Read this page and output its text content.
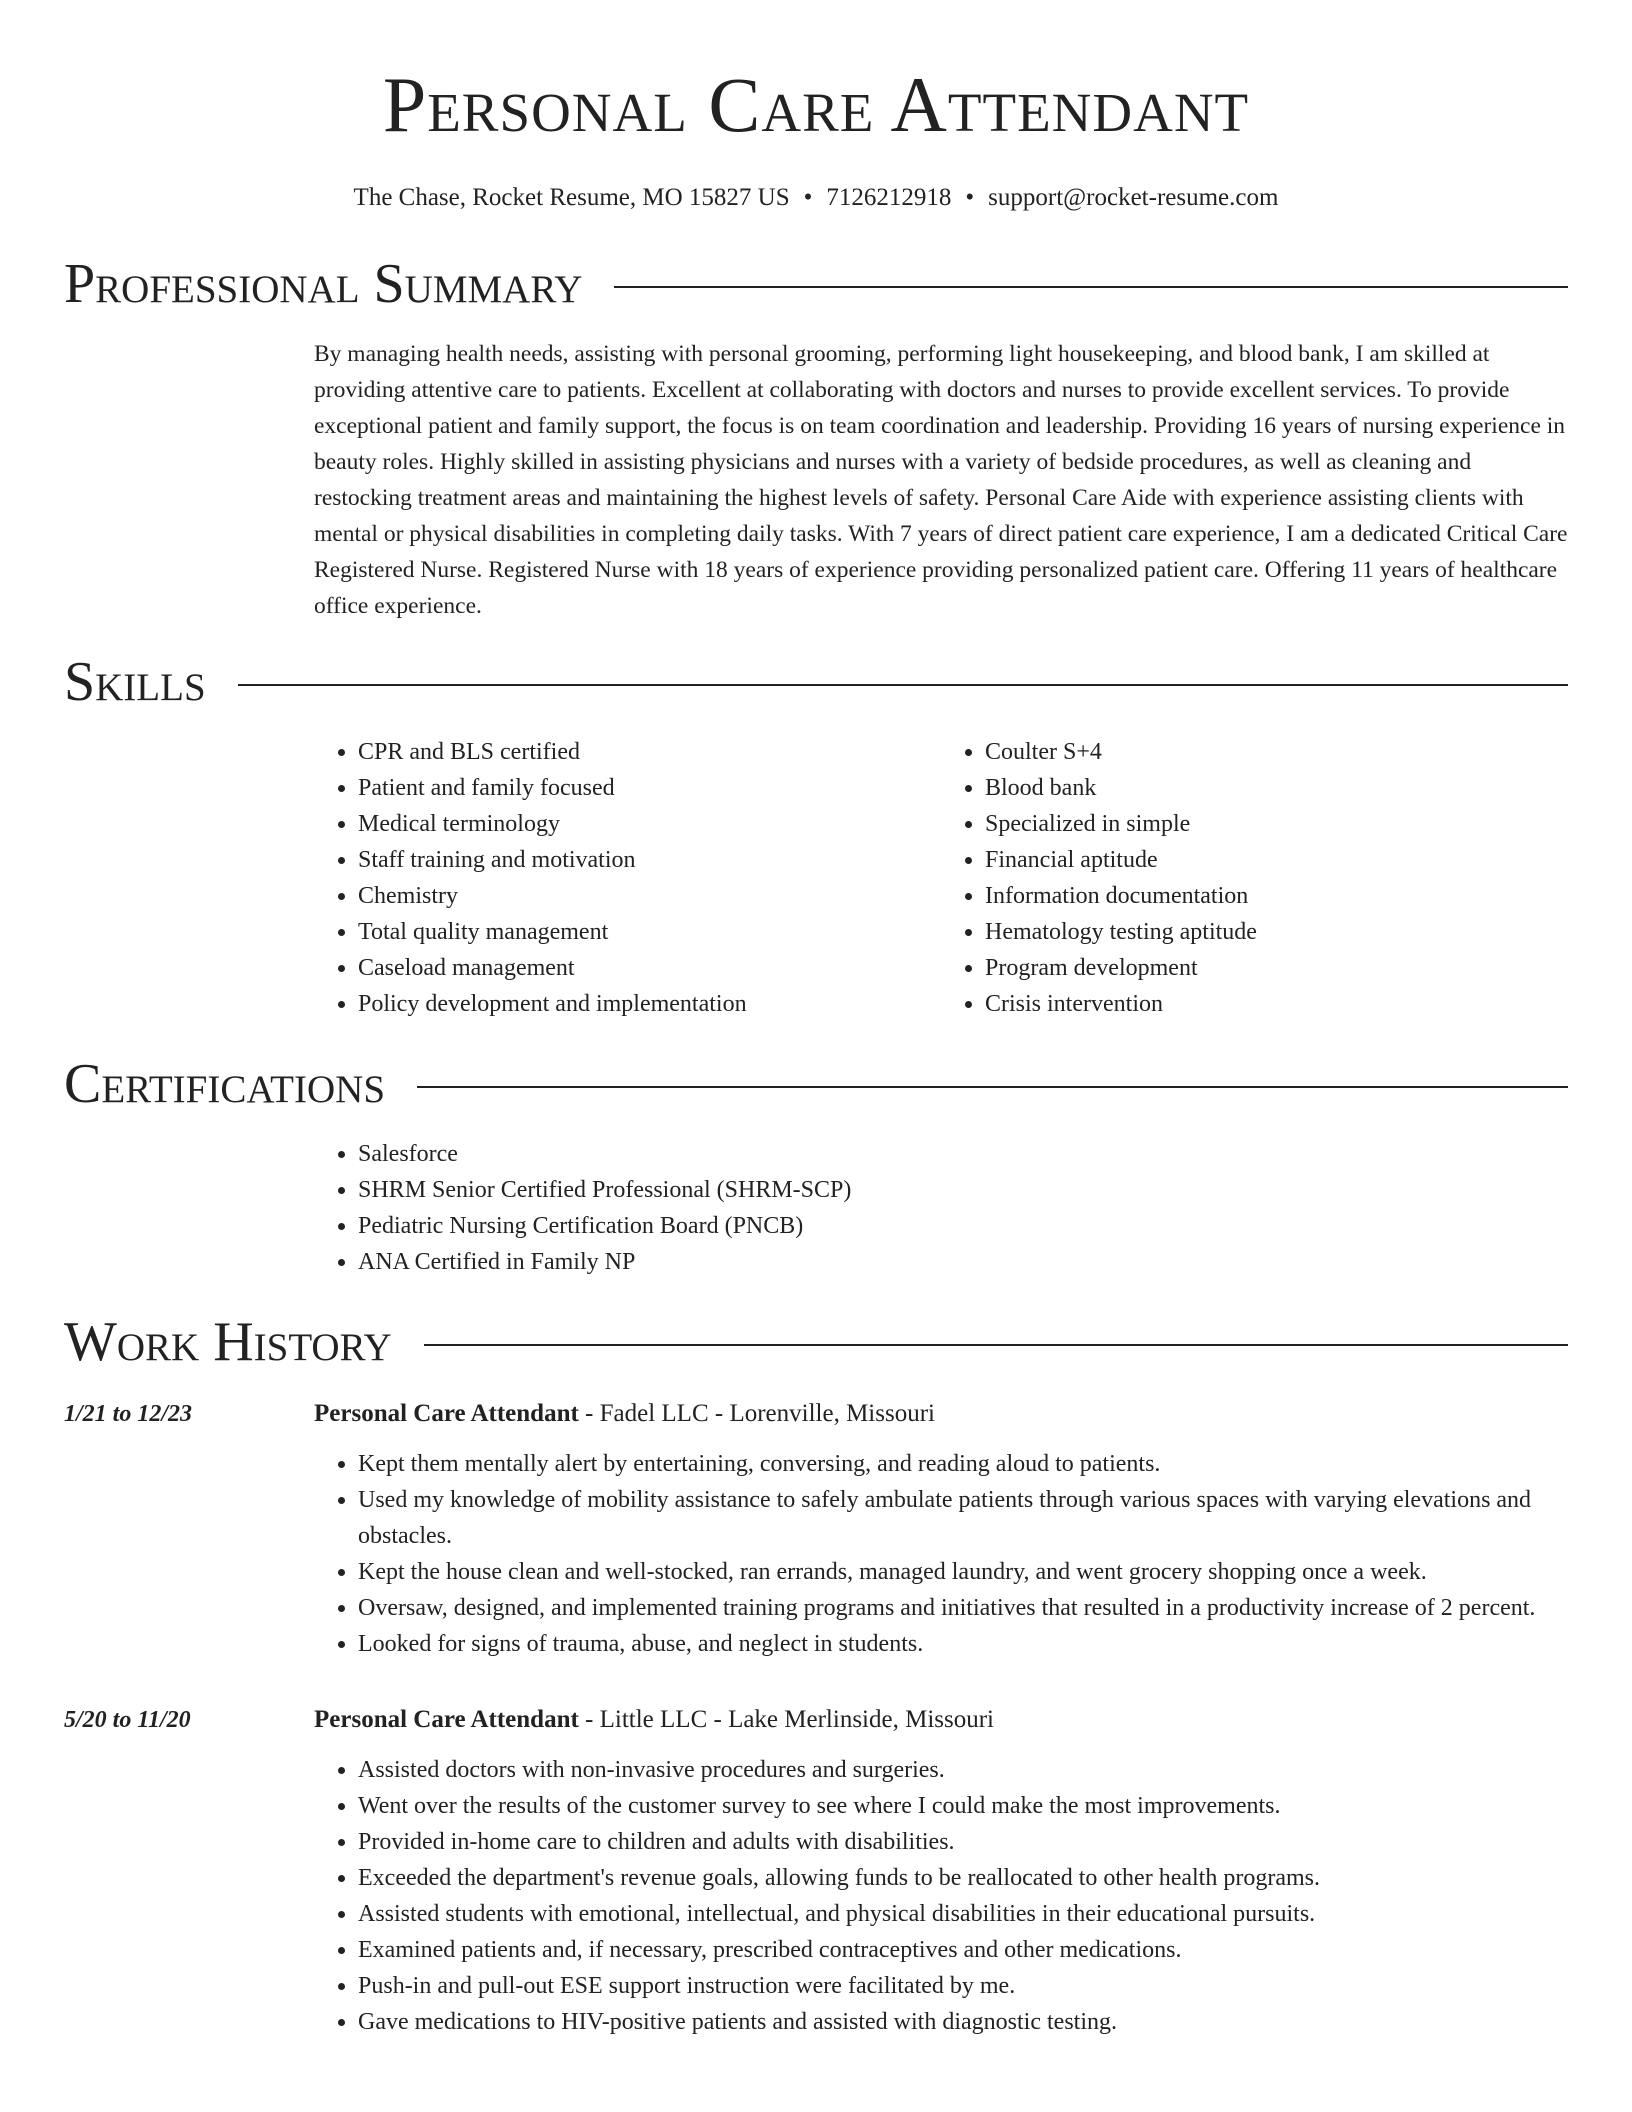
Personal Care Attendant
The Chase, Rocket Resume, MO 15827 US • 7126212918 • support@rocket-resume.com
Professional Summary

By managing health needs, assisting with personal grooming, performing light housekeeping, and blood bank, I am skilled at providing attentive care to patients. Excellent at collaborating with doctors and nurses to provide excellent services. To provide exceptional patient and family support, the focus is on team coordination and leadership. Providing 16 years of nursing experience in beauty roles. Highly skilled in assisting physicians and nurses with a variety of bedside procedures, as well as cleaning and restocking treatment areas and maintaining the highest levels of safety. Personal Care Aide with experience assisting clients with mental or physical disabilities in completing daily tasks. With 7 years of direct patient care experience, I am a dedicated Critical Care Registered Nurse. Registered Nurse with 18 years of experience providing personalized patient care. Offering 11 years of healthcare office experience.

Skills
• CPR and BLS certified
• Patient and family focused
• Medical terminology
• Staff training and motivation
• Chemistry
• Total quality management
• Caseload management
• Policy development and implementation
• Coulter S+4
• Blood bank
• Specialized in simple
• Financial aptitude
• Information documentation
• Hematology testing aptitude
• Program development
• Crisis intervention
Certifications
• Salesforce
• SHRM Senior Certified Professional (SHRM-SCP)
• Pediatric Nursing Certification Board (PNCB)
• ANA Certified in Family NP
Work History
1/21 to 12/23	Personal Care Attendant - Fadel LLC - Lorenville, Missouri
• Kept them mentally alert by entertaining, conversing, and reading aloud to patients.
• Used my knowledge of mobility assistance to safely ambulate patients through various spaces with varying elevations and obstacles.
• Kept the house clean and well-stocked, ran errands, managed laundry, and went grocery shopping once a week.
• Oversaw, designed, and implemented training programs and initiatives that resulted in a productivity increase of 2 percent.
• Looked for signs of trauma, abuse, and neglect in students.
5/20 to 11/20	Personal Care Attendant - Little LLC - Lake Merlinside, Missouri
• Assisted doctors with non-invasive procedures and surgeries.
• Went over the results of the customer survey to see where I could make the most improvements.
• Provided in-home care to children and adults with disabilities.
• Exceeded the department's revenue goals, allowing funds to be reallocated to other health programs.
• Assisted students with emotional, intellectual, and physical disabilities in their educational pursuits.
• Examined patients and, if necessary, prescribed contraceptives and other medications.
• Push-in and pull-out ESE support instruction were facilitated by me.
• Gave medications to HIV-positive patients and assisted with diagnostic testing.
